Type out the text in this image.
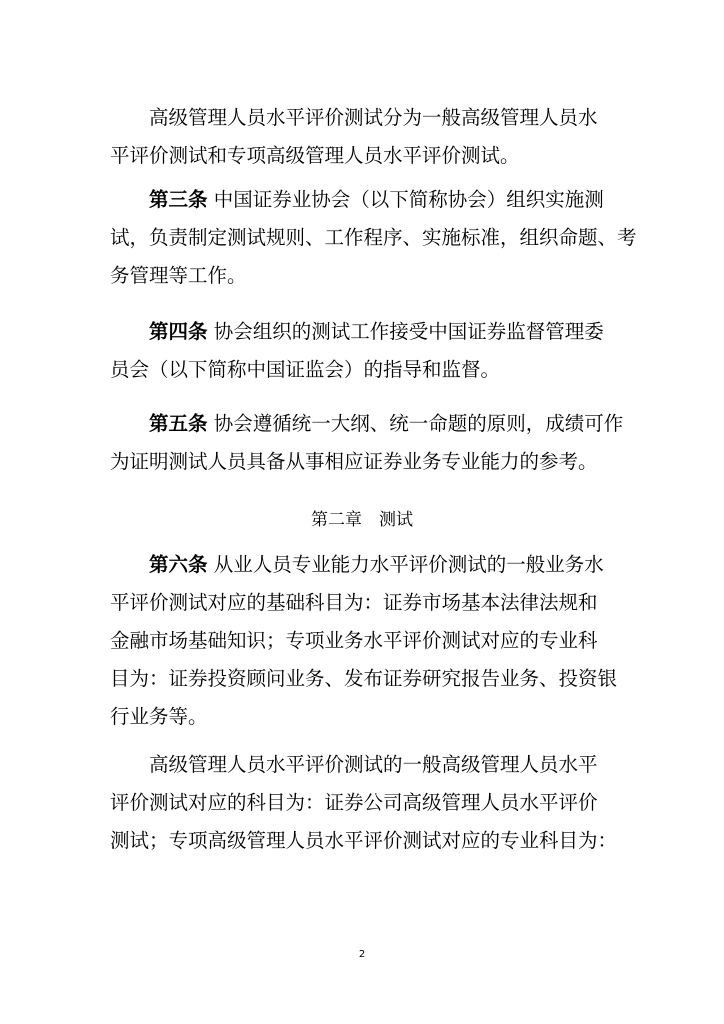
高级管理人员水平评价测试分为一般高级管理人员水
平评价测试和专项高级管理人员水平评价测试。
第三条 中国证券业协会（以下简称协会）组织实施测
试，负责制定测试规则、工作程序、实施标准，组织命题、考
务管理等工作。
第四条 协会组织的测试工作接受中国证券监督管理委
员会（以下简称中国证监会）的指导和监督。
第五条 协会遵循统一大纲、统一命题的原则，成绩可作
为证明测试人员具备从事相应证券业务专业能力的参考。
第二章　测试
第六条 从业人员专业能力水平评价测试的一般业务水
平评价测试对应的基础科目为：证券市场基本法律法规和
金融市场基础知识；专项业务水平评价测试对应的专业科
目为：证券投资顾问业务、发布证券研究报告业务、投资银
行业务等。
高级管理人员水平评价测试的一般高级管理人员水平
评价测试对应的科目为：证券公司高级管理人员水平评价
测试；专项高级管理人员水平评价测试对应的专业科目为：
2
